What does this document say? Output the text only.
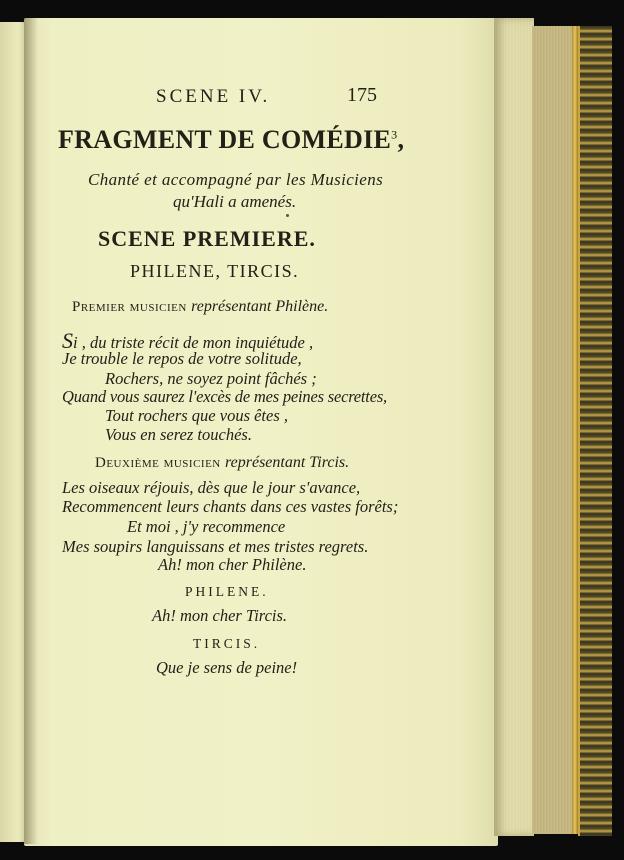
SCENE IV.	175
FRAGMENT DE COMÉDIE$^3$,
Chanté et accompagné par les Musiciens
qu'Hali a amenés.
SCENE PREMIERE.
PHILENE, TIRCIS.
Premier musicien représentant Philène.
Si , du triste récit de mon inquiétude ,
Je trouble le repos de votre solitude,
Rochers, ne soyez point fâchés ;
Quand vous saurez l'excès de mes peines secrettes,
Tout rochers que vous êtes ,
Vous en serez touchés.
Deuxième musicien représentant Tircis.
Les oiseaux réjouis, dès que le jour s'avance,
Recommencent leurs chants dans ces vastes forêts;
Et moi , j'y recommence
Mes soupirs languissans et mes tristes regrets.
Ah! mon cher Philène.
PHILENE.
Ah! mon cher Tircis.
TIRCIS.
Que je sens de peine!
